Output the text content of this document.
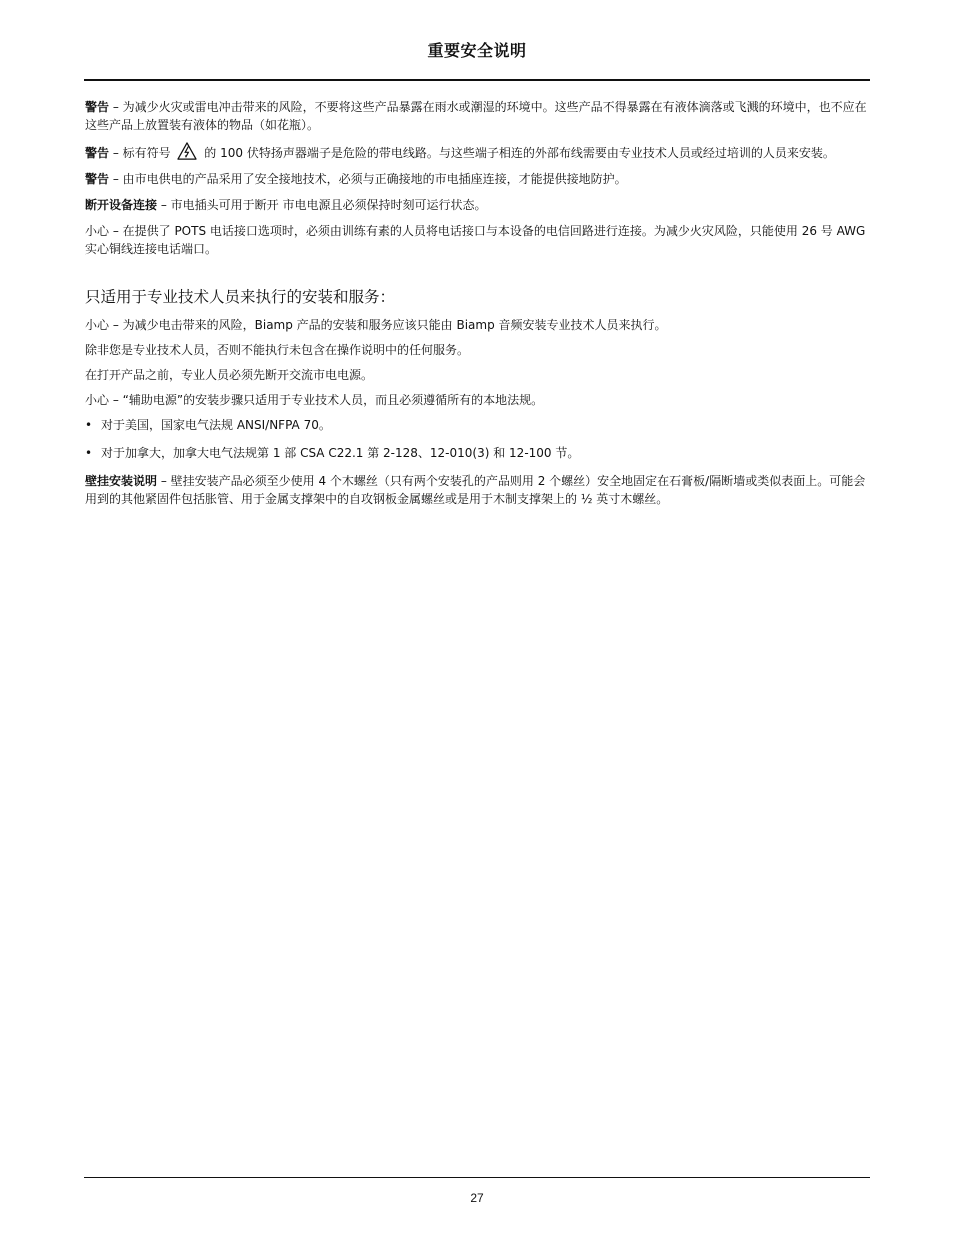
重要安全说明

警告 – 为减少火灾或雷电冲击带来的风险，不要将这些产品暴露在雨水或潮湿的环境中。这些产品不得暴露在有液体滴落或飞溅的环境中，也不应在这些产品上放置装有液体的物品（如花瓶）。

警告 – 标有符号  的 100 伏特扬声器端子是危险的带电线路。与这些端子相连的外部布线需要由专业技术人员或经过培训的人员来安装。

警告 – 由市电供电的产品采用了安全接地技术，必须与正确接地的市电插座连接，才能提供接地防护。

断开设备连接 – 市电插头可用于断开 市电电源且必须保持时刻可运行状态。

小心 – 在提供了 POTS 电话接口选项时，必须由训练有素的人员将电话接口与本设备的电信回路进行连接。为减少火灾风险，只能使用 26 号 AWG 实心铜线连接电话端口。

只适用于专业技术人员来执行的安装和服务：

小心 – 为减少电击带来的风险，Biamp 产品的安装和服务应该只能由 Biamp 音频安装专业技术人员来执行。

除非您是专业技术人员，否则不能执行未包含在操作说明中的任何服务。

在打开产品之前，专业人员必须先断开交流市电电源。

小心 – “辅助电源”的安装步骤只适用于专业技术人员，而且必须遵循所有的本地法规。

• 对于美国，国家电气法规 ANSI/NFPA 70。
• 对于加拿大，加拿大电气法规第 1 部 CSA C22.1 第 2-128、12-010(3) 和 12-100 节。

壁挂安装说明 – 壁挂安装产品必须至少使用 4 个木螺丝（只有两个安装孔的产品则用 2 个螺丝）安全地固定在石膏板/隔断墙或类似表面上。可能会用到的其他紧固件包括胀管、用于金属支撑架中的自攻钢板金属螺丝或是用于木制支撑架上的 ½ 英寸木螺丝。

27
